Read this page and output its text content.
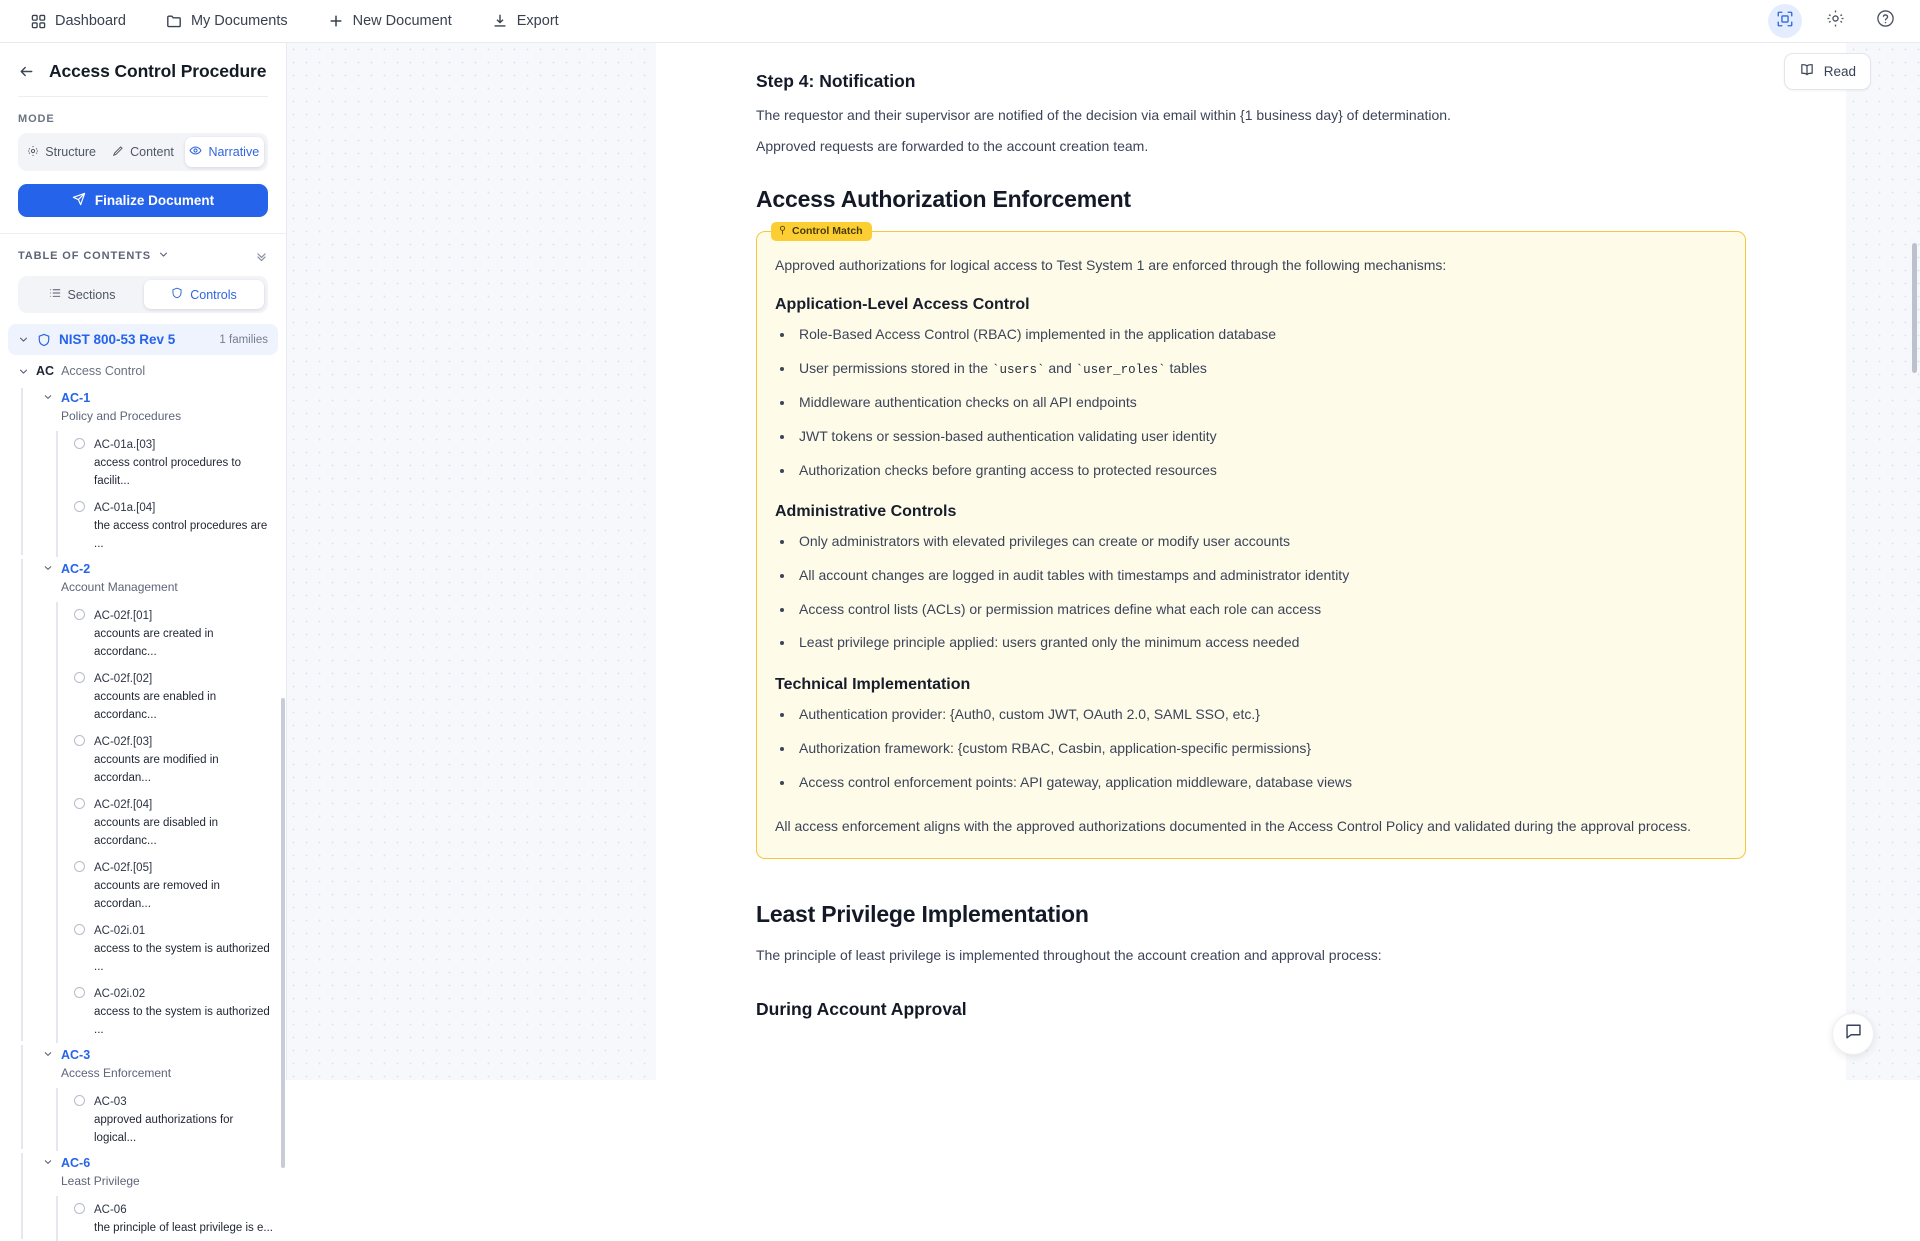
Dashboard	My Documents	New Document	Export
Access Control Procedure
MODE
Structure	Content	Narrative
Finalize Document
TABLE OF CONTENTS
Sections	Controls
NIST 800-53 Rev 5	1 families
AC Access Control
AC-1
Policy and Procedures
AC-01a.[03]
access control procedures to facilit...
AC-01a.[04]
the access control procedures are ...
AC-2
Account Management
AC-02f.[01]
accounts are created in accordanc...
AC-02f.[02]
accounts are enabled in accordanc...
AC-02f.[03]
accounts are modified in accordan...
AC-02f.[04]
accounts are disabled in accordanc...
AC-02f.[05]
accounts are removed in accordan...
AC-02i.01
access to the system is authorized ...
AC-02i.02
access to the system is authorized ...
AC-3
Access Enforcement
AC-03
approved authorizations for logical...
AC-6
Least Privilege
AC-06
the principle of least privilege is e...
Read
Step 4: Notification

The requestor and their supervisor are notified of the decision via email within {1 business day} of determination.

Approved requests are forwarded to the account creation team.

Access Authorization Enforcement
Control Match

Approved authorizations for logical access to Test System 1 are enforced through the following mechanisms:

Application-Level Access Control
• Role-Based Access Control (RBAC) implemented in the application database
• User permissions stored in the `users` and `user_roles` tables
• Middleware authentication checks on all API endpoints
• JWT tokens or session-based authentication validating user identity
• Authorization checks before granting access to protected resources
Administrative Controls
• Only administrators with elevated privileges can create or modify user accounts
• All account changes are logged in audit tables with timestamps and administrator identity
• Access control lists (ACLs) or permission matrices define what each role can access
• Least privilege principle applied: users granted only the minimum access needed
Technical Implementation
• Authentication provider: {Auth0, custom JWT, OAuth 2.0, SAML SSO, etc.}
• Authorization framework: {custom RBAC, Casbin, application-specific permissions}
• Access control enforcement points: API gateway, application middleware, database views

All access enforcement aligns with the approved authorizations documented in the Access Control Policy and validated during the approval process.

Least Privilege Implementation

The principle of least privilege is implemented throughout the account creation and approval process:

During Account Approval
